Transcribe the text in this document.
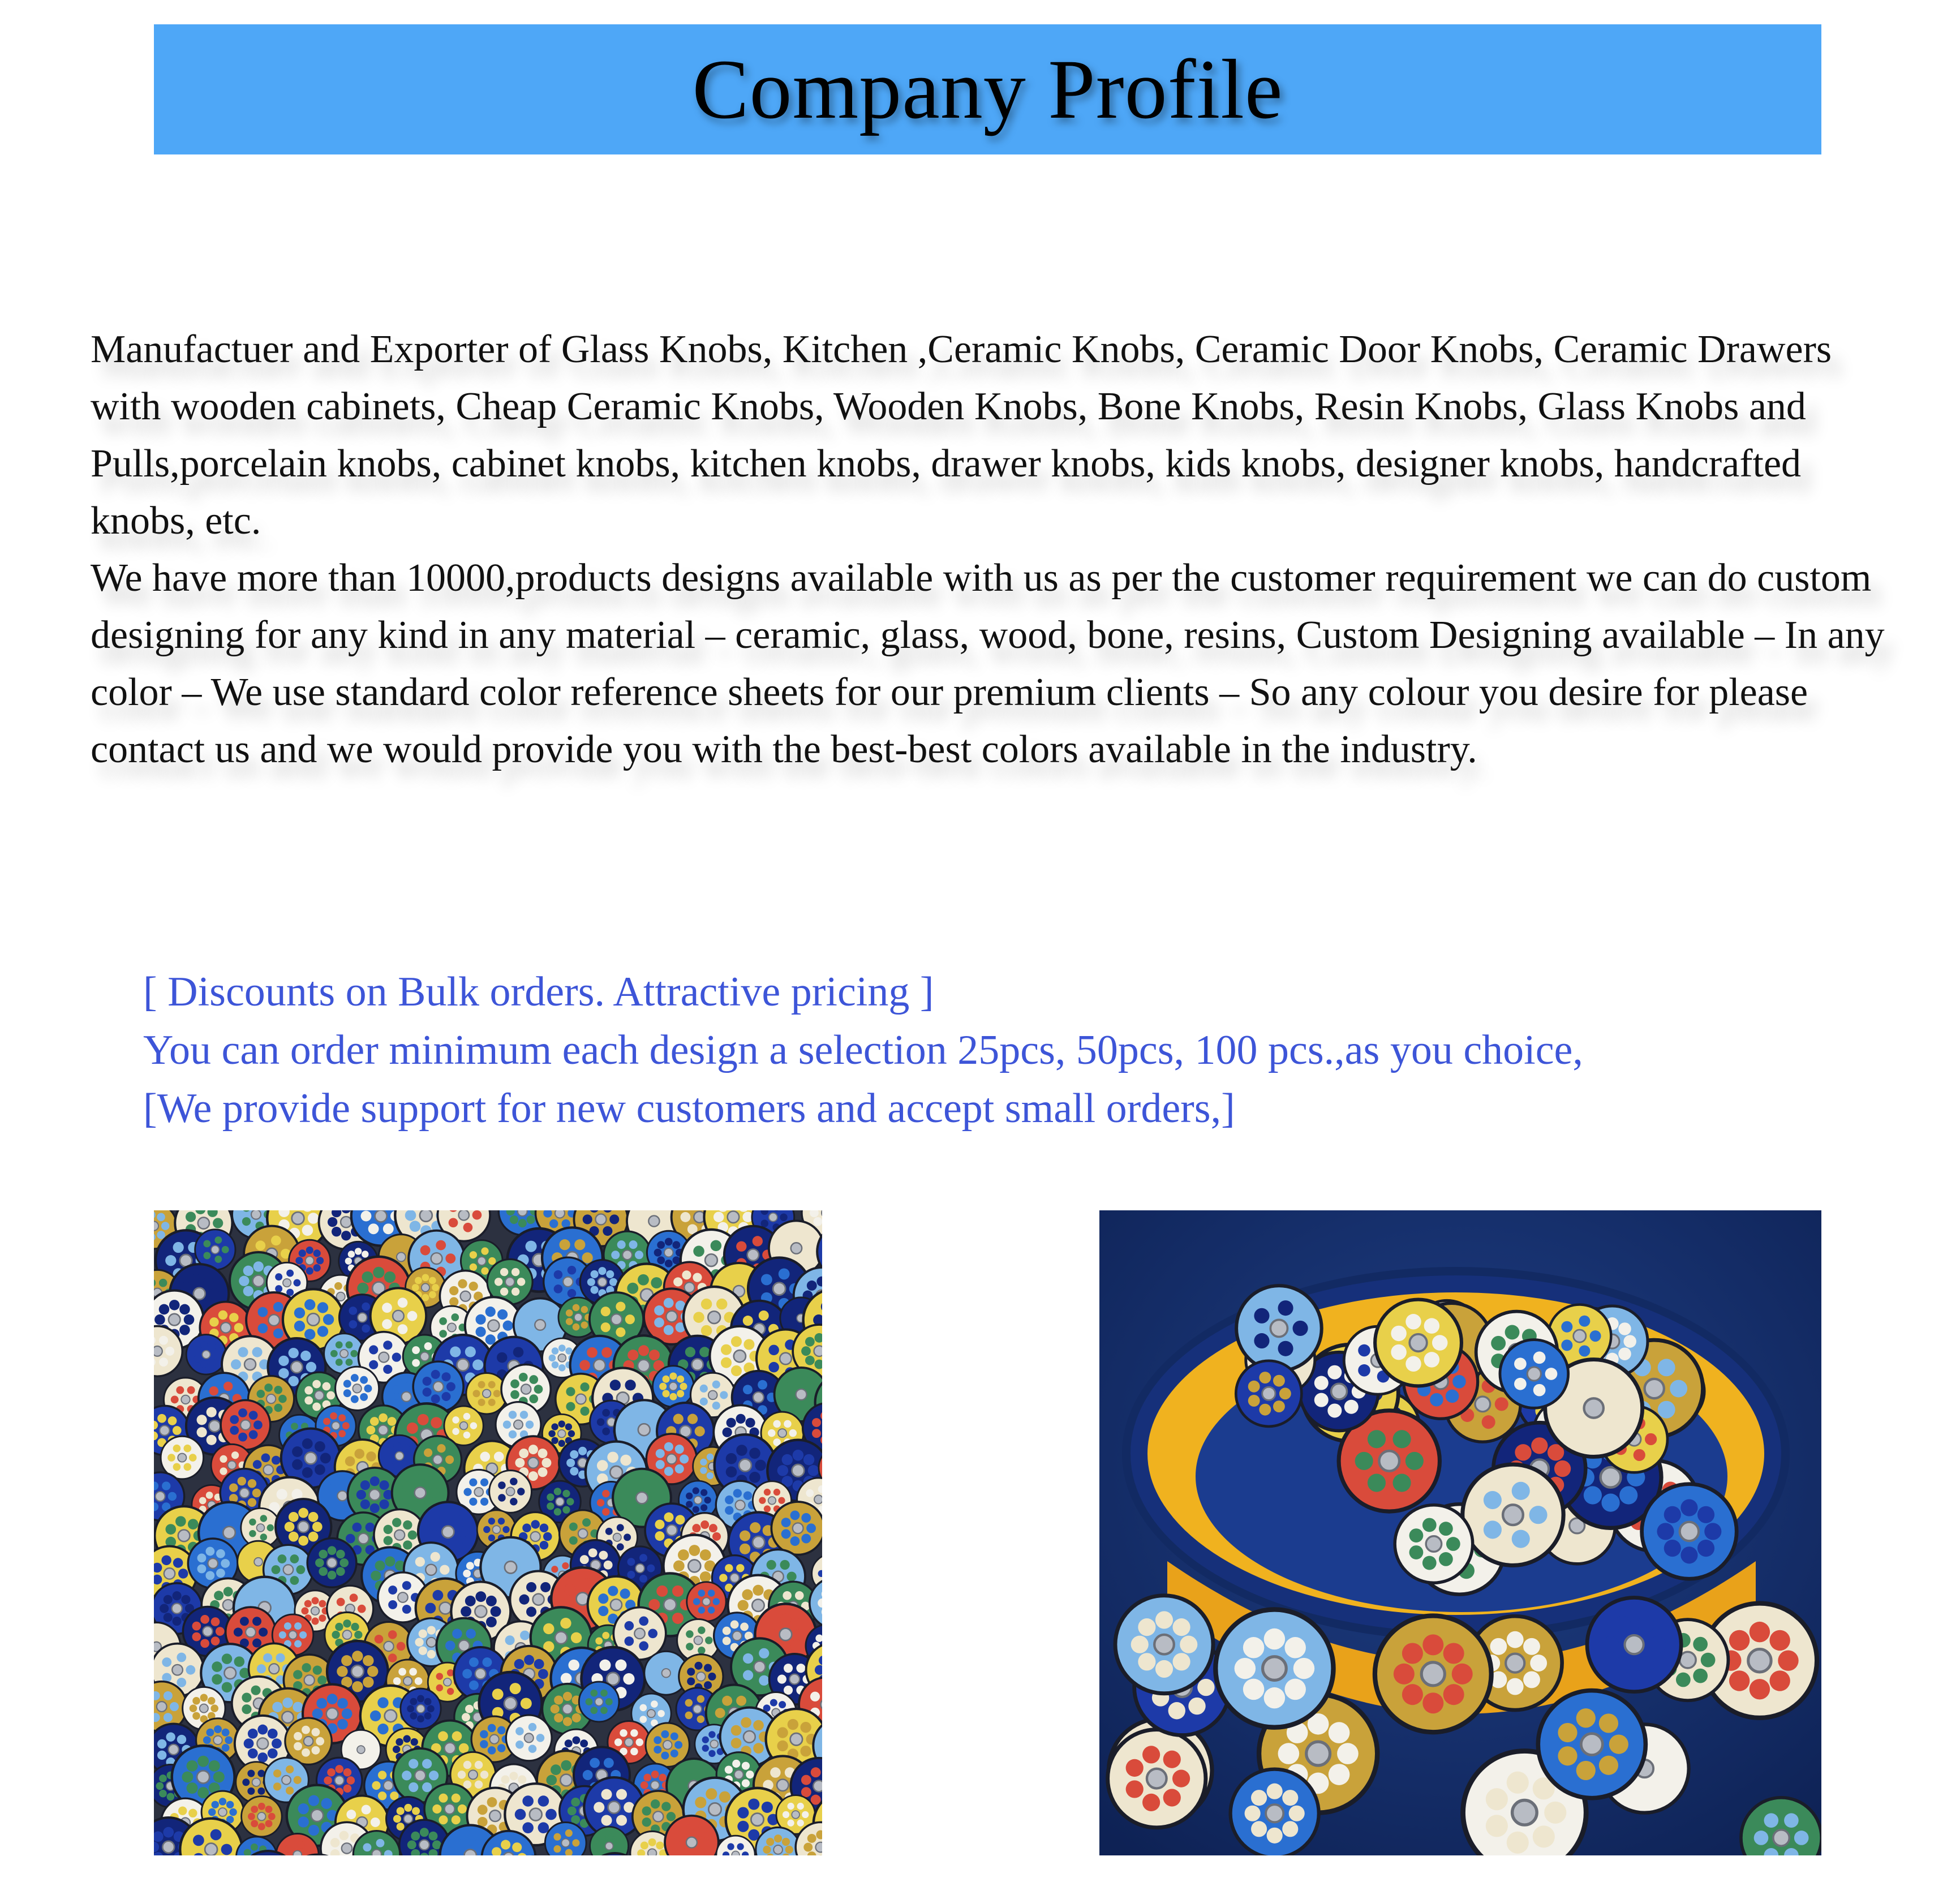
Company Profile

Manufactuer and Exporter of Glass Knobs, Kitchen ,Ceramic Knobs, Ceramic Door Knobs, Ceramic Drawers with wooden cabinets, Cheap Ceramic Knobs, Wooden Knobs, Bone Knobs, Resin Knobs, Glass Knobs and Pulls,porcelain knobs, cabinet knobs, kitchen knobs, drawer knobs, kids knobs, designer knobs, handcrafted knobs, etc.

We have more than 10000,products designs available with us as per the customer requirement we can do custom designing for any kind in any material – ceramic, glass, wood, bone, resins, Custom Designing available – In any color – We use standard color reference sheets for our premium clients – So any colour you desire for please contact us and we would provide you with the best-best colors available in the industry.

[ Discounts on Bulk orders. Attractive pricing ]

You can order minimum each design a selection 25pcs, 50pcs, 100 pcs.,as you choice,

[We provide support for new customers and accept small orders,]
